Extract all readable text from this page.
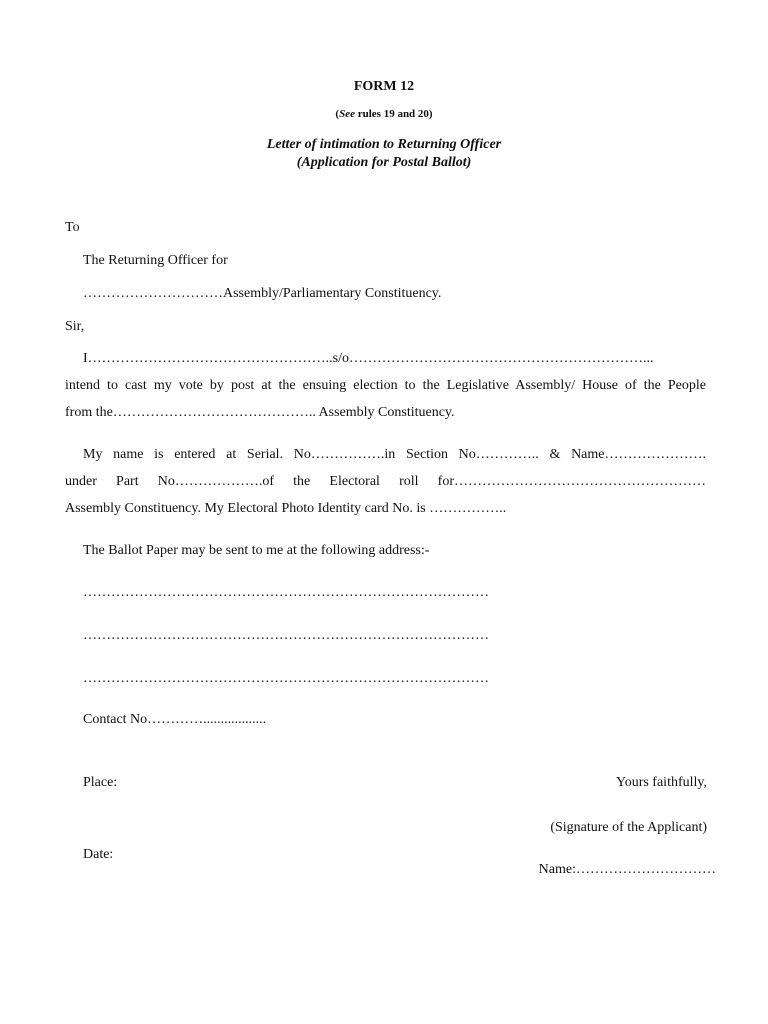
FORM 12
(See rules 19 and 20)
Letter of intimation to Returning Officer
(Application for Postal Ballot)
To
The Returning Officer for
…………………………Assembly/Parliamentary Constituency.
Sir,
I……………………………………………..s/o………………………………………………………...
intend to cast my vote by post at the ensuing election to the Legislative Assembly/ House of the People
from the…………………………………….. Assembly Constituency.
My name is entered at Serial. No…………….in Section No………….. & Name………………….
under Part No……………….of the Electoral roll for………………………………………………
Assembly Constituency. My Electoral Photo Identity card No. is ……………..
The Ballot Paper may be sent to me at the following address:-
……………………………………………………………………………
……………………………………………………………………………
……………………………………………………………………………
Contact No…………..................
Place:	Yours faithfully,
(Signature of the Applicant)
Date:
Name:…………………………
